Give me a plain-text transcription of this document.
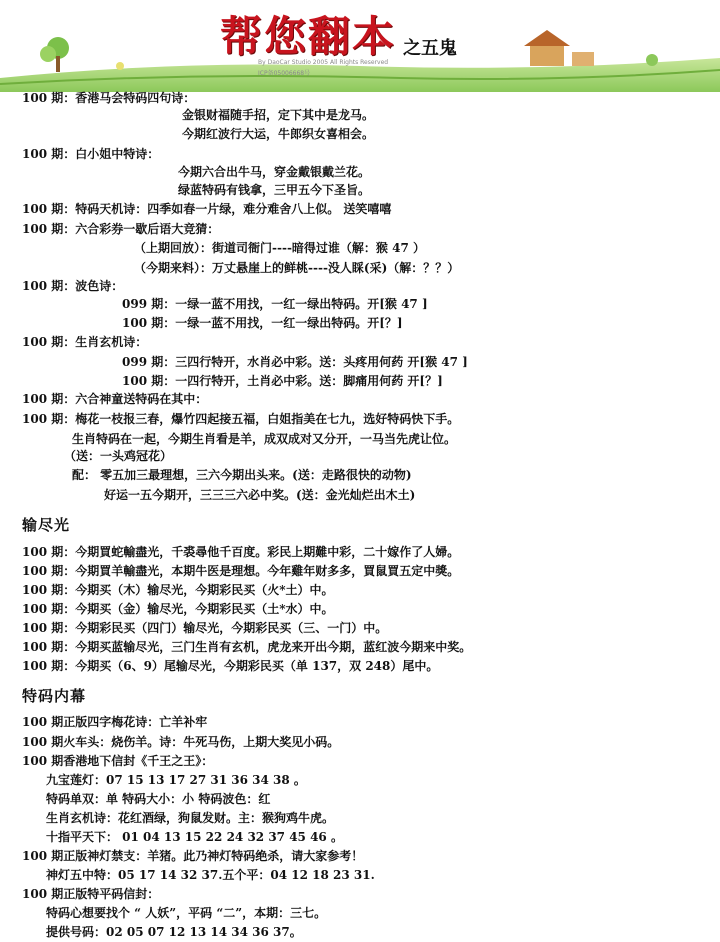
帮您翻本 之五鬼
By DaoCar Studio 2005 All Rights Reserved
ICP备05006668号
100 期：香港马会特码四句诗：
金银财福随手招，定下其中是龙马。
今期红波行大运，牛郎织女喜相会。
100 期：白小姐中特诗：
今期六合出牛马，穿金戴银戴兰花。
绿蓝特码有钱拿，三甲五今下圣旨。
100 期：特码天机诗：四季如春一片绿，难分难舍八上似。 送笑嘻嘻
100 期：六合彩券一歇后语大竞猜：
（上期回放）：街道司衙门----暗得过谁（解：猴 47 ）
（今期来料）：万丈悬崖上的鲜桃----没人睬(采)（解：？？）
100 期：波色诗：
099 期：一绿一蓝不用找，一红一绿出特码。开[猴 47 ]
100 期：一绿一蓝不用找，一红一绿出特码。开[？]
100 期：生肖玄机诗：
099 期：三四行特开，水肖必中彩。送：头疼用何药 开[猴 47 ]
100 期：一四行特开，土肖必中彩。送：脚痛用何药 开[？]
100 期：六合神童送特码在其中：
100 期：梅花一枝报三春，爆竹四起接五福，白姐指美在七九，选好特码快下手。
生肖特码在一起，今期生肖看是羊，成双成对又分开，一马当先虎让位。
（送：一头鸡冠花）
配： 零五加三最理想，三六今期出头来。(送：走路很快的动物)
好运一五今期开，三三三六必中奖。(送：金光灿烂出木土)
输尽光
100 期：今期買蛇輸盡光，千裘尋他千百度。彩民上期難中彩，二十嫁作了人婦。
100 期：今期買羊輸盡光，本期牛医是理想。今年雞年财多多，買鼠買五定中獎。
100 期：今期买（木）输尽光，今期彩民买（火*土）中。
100 期：今期买（金）输尽光，今期彩民买（土*水）中。
100 期：今期彩民买（四门）输尽光，今期彩民买（三、一门）中。
100 期：今期买蓝输尽光，三门生肖有玄机，虎龙来开出今期，蓝红波今期来中奖。
100 期：今期买（6、9）尾输尽光，今期彩民买（单 137，双 248）尾中。
特码内幕
100 期正版四字梅花诗：亡羊补牢
100 期火车头：烧伤羊。诗：牛死马伤，上期大奖见小码。
100 期香港地下信封《千王之王》：
九宝莲灯：07 15 13 17 27 31 36 34 38 。
特码单双：单 特码大小：小 特码波色：红
生肖玄机诗：花红酒绿，狗鼠发财。主：猴狗鸡牛虎。
十指平天下： 01 04 13 15 22 24 32 37 45 46 。
100 期正版神灯禁支：羊猪。此乃神灯特码绝杀，请大家参考！
神灯五中特：05 17 14 32 37.五个平：04 12 18 23 31.
100 期正版特平码信封：
特码心想要找个 “ 人妖”，平码 “二”，本期：三七。
提供号码：02 05 07 12 13 14 34 36 37。
